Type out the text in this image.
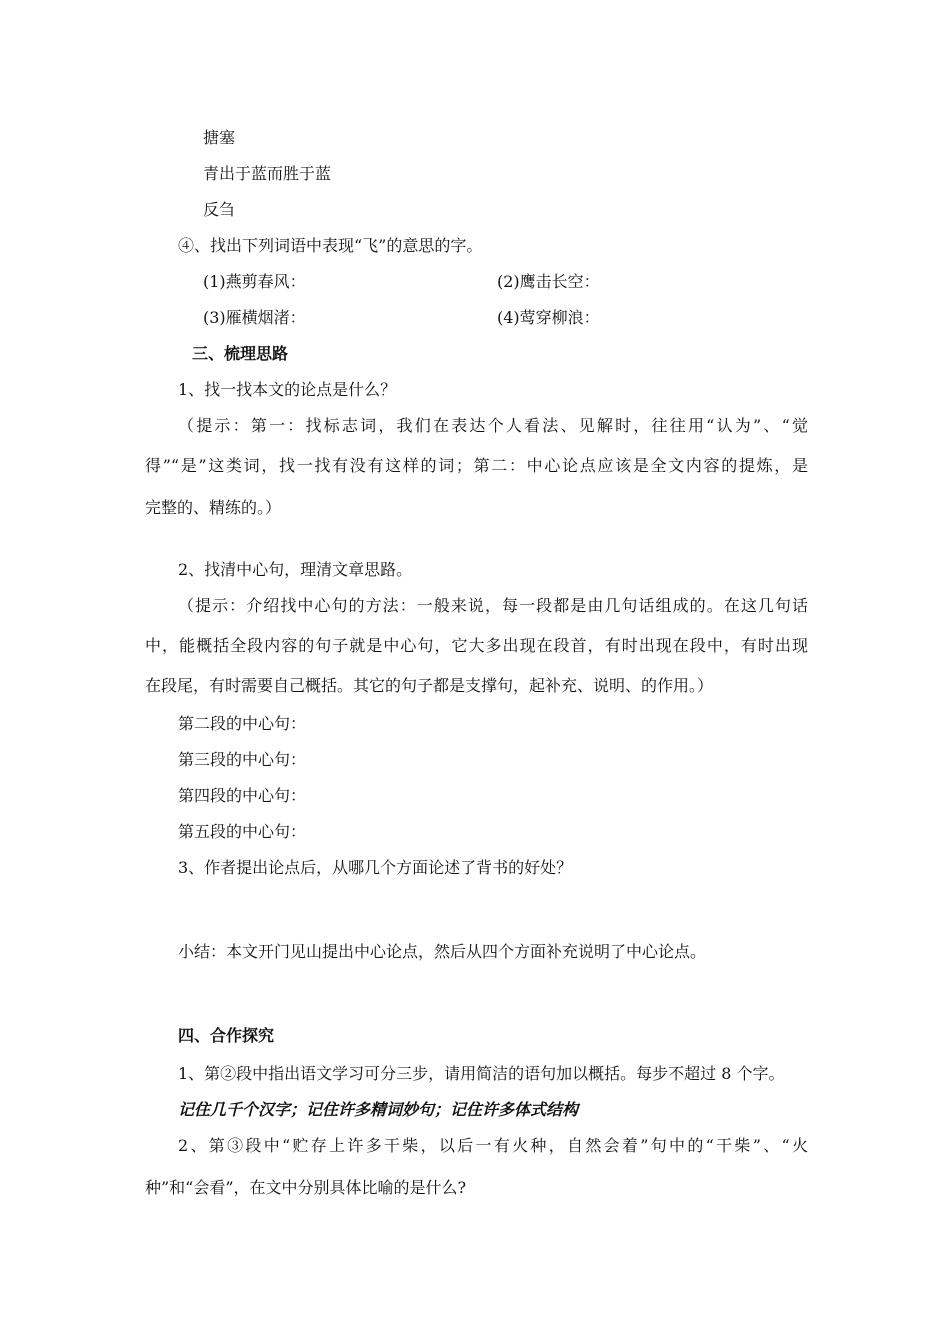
搪塞
青出于蓝而胜于蓝
反刍
④、找出下列词语中表现“飞”的意思的字。
(1)燕剪春风：	(2)鹰击长空：
(3)雁横烟渚：	(4)莺穿柳浪：
三、梳理思路
1、找一找本文的论点是什么？
（提示：第一：找标志词，我们在表达个人看法、见解时，往往用“认为”、“觉
得”“是”这类词，找一找有没有这样的词；第二：中心论点应该是全文内容的提炼，是
完整的、精练的。）
2、找清中心句，理清文章思路。
（提示：介绍找中心句的方法：一般来说，每一段都是由几句话组成的。在这几句话
中，能概括全段内容的句子就是中心句，它大多出现在段首，有时出现在段中，有时出现
在段尾，有时需要自己概括。其它的句子都是支撑句，起补充、说明、的作用。）
第二段的中心句：
第三段的中心句：
第四段的中心句：
第五段的中心句：
3、作者提出论点后，从哪几个方面论述了背书的好处？
小结：本文开门见山提出中心论点，然后从四个方面补充说明了中心论点。
四、合作探究
1、第②段中指出语文学习可分三步，请用简洁的语句加以概括。每步不超过 8 个字。
记住几千个汉字；记住许多精词妙句；记住许多体式结构
2、第③段中“贮存上许多干柴，以后一有火种，自然会着”句中的“干柴”、“火
种”和“会看”，在文中分别具体比喻的是什么?
